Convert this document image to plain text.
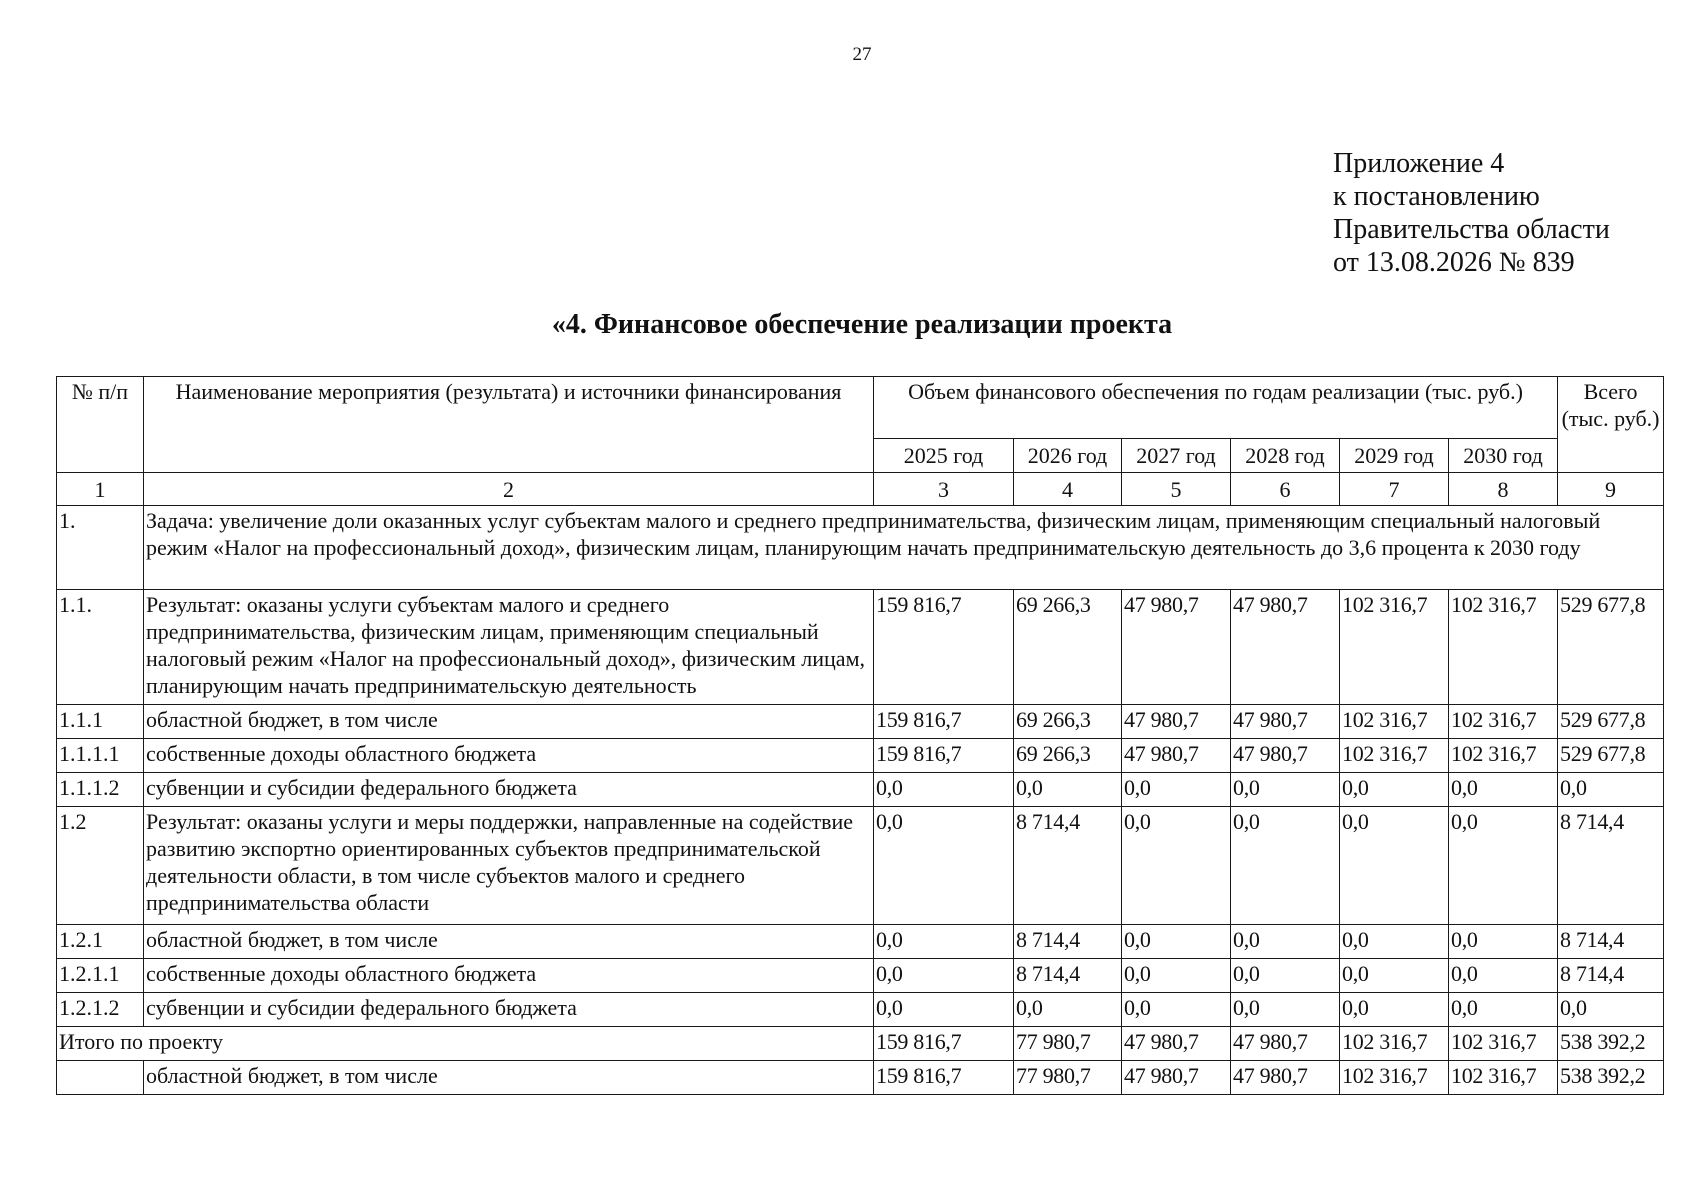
27
Приложение 4
к постановлению
Правительства области
от 13.08.2026 № 839
«4. Финансовое обеспечение реализации проекта
№ п/п	Наименование мероприятия (результата) и источники финансирования	Объем финансового обеспечения по годам реализации (тыс. руб.)						Всего (тыс. руб.)
		2025 год	2026 год	2027 год	2028 год	2029 год	2030 год	
1	2	3	4	5	6	7	8	9
1.	Задача: увеличение доли оказанных услуг субъектам малого и среднего предпринимательства, физическим лицам, применяющим специальный налоговый режим «Налог на профессиональный доход», физическим лицам, планирующим начать предпринимательскую деятельность до 3,6 процента к 2030 году							
1.1.	Результат: оказаны услуги субъектам малого и среднего предпринимательства, физическим лицам, применяющим специальный налоговый режим «Налог на профессиональный доход», физическим лицам, планирующим начать предпринимательскую деятельность	159 816,7	69 266,3	47 980,7	47 980,7	102 316,7	102 316,7	529 677,8
1.1.1	областной бюджет, в том числе	159 816,7	69 266,3	47 980,7	47 980,7	102 316,7	102 316,7	529 677,8
1.1.1.1	собственные доходы областного бюджета	159 816,7	69 266,3	47 980,7	47 980,7	102 316,7	102 316,7	529 677,8
1.1.1.2	субвенции и субсидии федерального бюджета	0,0	0,0	0,0	0,0	0,0	0,0	0,0
1.2	Результат: оказаны услуги и меры поддержки, направленные на содействие развитию экспортно ориентированных субъектов предпринимательской деятельности области, в том числе субъектов малого и среднего предпринимательства области	0,0	8 714,4	0,0	0,0	0,0	0,0	8 714,4
1.2.1	областной бюджет, в том числе	0,0	8 714,4	0,0	0,0	0,0	0,0	8 714,4
1.2.1.1	собственные доходы областного бюджета	0,0	8 714,4	0,0	0,0	0,0	0,0	8 714,4
1.2.1.2	субвенции и субсидии федерального бюджета	0,0	0,0	0,0	0,0	0,0	0,0	0,0
Итого по проекту		159 816,7	77 980,7	47 980,7	47 980,7	102 316,7	102 316,7	538 392,2
	областной бюджет, в том числе	159 816,7	77 980,7	47 980,7	47 980,7	102 316,7	102 316,7	538 392,2
